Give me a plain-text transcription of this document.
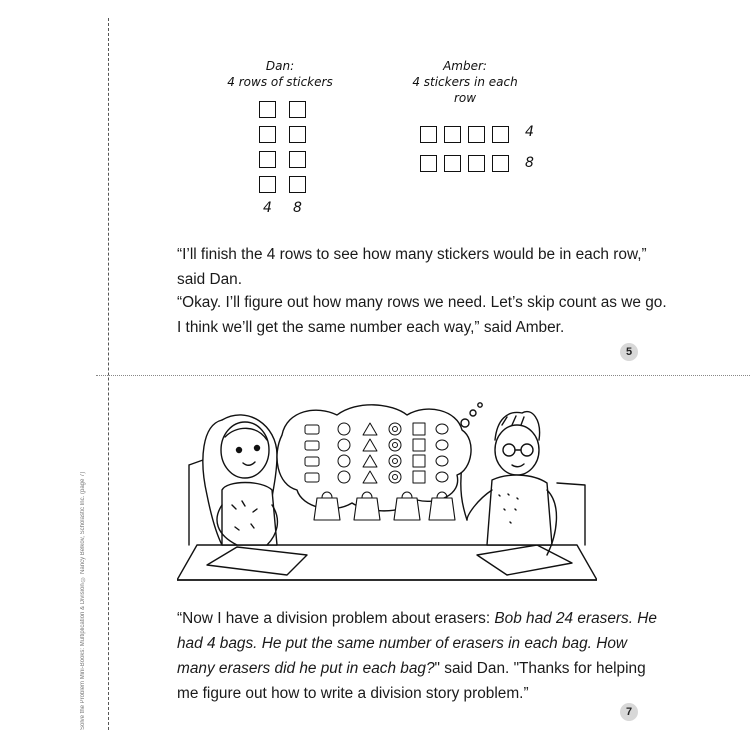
Solve the Problem Mini-Books: Multiplication & Division © Nancy Belkov, Scholastic Inc. (page 7)
Dan:
4 rows of stickers
Amber:
4 stickers in each row
4 8
4
8
“I’ll finish the 4 rows to see how many stickers would be in each row,” said Dan.
“Okay. I’ll figure out how many rows we need. Let’s skip count as we go. I think we’ll get the same number each way,” said Amber.
5
“Now I have a division problem about erasers: Bob had 24 erasers. He had 4 bags. He put the same number of erasers in each bag. How many erasers did he put in each bag?" said Dan. "Thanks for helping me figure out how to write a division story problem.”
7
